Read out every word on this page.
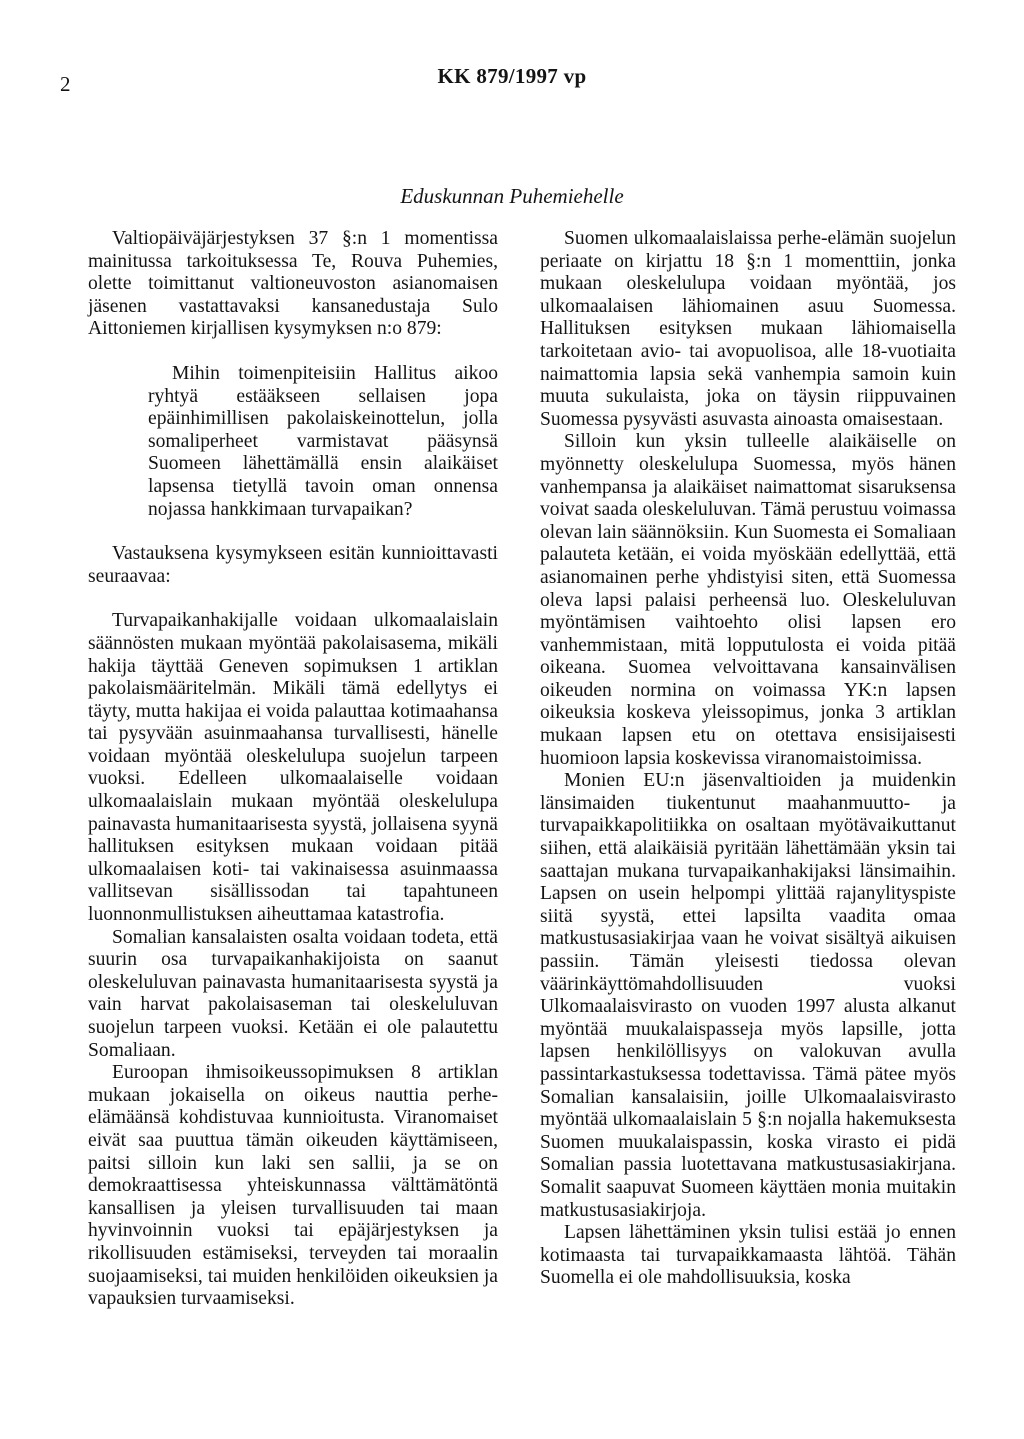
2	KK 879/1997 vp
Eduskunnan Puhemiehelle

Valtiopäiväjärjestyksen 37 §:n 1 momentissa mainitussa tarkoituksessa Te, Rouva Puhemies, olette toimittanut valtioneuvoston asianomaisen jäsenen vastattavaksi kansanedustaja Sulo Aittoniemen kirjallisen kysymyksen n:o 879:

Mihin toimenpiteisiin Hallitus aikoo ryhtyä estääkseen sellaisen jopa epäinhimillisen pakolaiskeinottelun, jolla somaliperheet varmistavat pääsynsä Suomeen lähettämällä ensin alaikäiset lapsensa tietyllä tavoin oman onnensa nojassa hankkimaan turvapaikan?

Vastauksena kysymykseen esitän kunnioittavasti seuraavaa:

Turvapaikanhakijalle voidaan ulkomaalaislain säännösten mukaan myöntää pakolaisasema, mikäli hakija täyttää Geneven sopimuksen 1 artiklan pakolaismääritelmän. Mikäli tämä edellytys ei täyty, mutta hakijaa ei voida palauttaa kotimaahansa tai pysyvään asuinmaahansa turvallisesti, hänelle voidaan myöntää oleskelulupa suojelun tarpeen vuoksi. Edelleen ulkomaalaiselle voidaan ulkomaalaislain mukaan myöntää oleskelulupa painavasta humanitaarisesta syystä, jollaisena syynä hallituksen esityksen mukaan voidaan pitää ulkomaalaisen koti- tai vakinaisessa asuinmaassa vallitsevan sisällissodan tai tapahtuneen luonnonmullistuksen aiheuttamaa katastrofia.

Somalian kansalaisten osalta voidaan todeta, että suurin osa turvapaikanhakijoista on saanut oleskeluluvan painavasta humanitaarisesta syystä ja vain harvat pakolaisaseman tai oleskeluluvan suojelun tarpeen vuoksi. Ketään ei ole palautettu Somaliaan.

Euroopan ihmisoikeussopimuksen 8 artiklan mukaan jokaisella on oikeus nauttia perhe-elämäänsä kohdistuvaa kunnioitusta. Viranomaiset eivät saa puuttua tämän oikeuden käyttämiseen, paitsi silloin kun laki sen sallii, ja se on demokraattisessa yhteiskunnassa välttämätöntä kansallisen ja yleisen turvallisuuden tai maan hyvinvoinnin vuoksi tai epäjärjestyksen ja rikollisuuden estämiseksi, terveyden tai moraalin suojaamiseksi, tai muiden henkilöiden oikeuksien ja vapauksien turvaamiseksi.

Suomen ulkomaalaislaissa perhe-elämän suojelun periaate on kirjattu 18 §:n 1 momenttiin, jonka mukaan oleskelulupa voidaan myöntää, jos ulkomaalaisen lähiomainen asuu Suomessa. Hallituksen esityksen mukaan lähiomaisella tarkoitetaan avio- tai avopuolisoa, alle 18-vuotiaita naimattomia lapsia sekä vanhempia samoin kuin muuta sukulaista, joka on täysin riippuvainen Suomessa pysyvästi asuvasta ainoasta omaisestaan.

Silloin kun yksin tulleelle alaikäiselle on myönnetty oleskelulupa Suomessa, myös hänen vanhempansa ja alaikäiset naimattomat sisaruksensa voivat saada oleskeluluvan. Tämä perustuu voimassa olevan lain säännöksiin. Kun Suomesta ei Somaliaan palauteta ketään, ei voida myöskään edellyttää, että asianomainen perhe yhdistyisi siten, että Suomessa oleva lapsi palaisi perheensä luo. Oleskeluluvan myöntämisen vaihtoehto olisi lapsen ero vanhemmistaan, mitä lopputulosta ei voida pitää oikeana. Suomea velvoittavana kansainvälisen oikeuden normina on voimassa YK:n lapsen oikeuksia koskeva yleissopimus, jonka 3 artiklan mukaan lapsen etu on otettava ensisijaisesti huomioon lapsia koskevissa viranomaistoimissa.

Monien EU:n jäsenvaltioiden ja muidenkin länsimaiden tiukentunut maahanmuutto- ja turvapaikkapolitiikka on osaltaan myötävaikuttanut siihen, että alaikäisiä pyritään lähettämään yksin tai saattajan mukana turvapaikanhakijaksi länsimaihin. Lapsen on usein helpompi ylittää rajanylityspiste siitä syystä, ettei lapsilta vaadita omaa matkustusasiakirjaa vaan he voivat sisältyä aikuisen passiin. Tämän yleisesti tiedossa olevan väärinkäyttömahdollisuuden vuoksi Ulkomaalaisvirasto on vuoden 1997 alusta alkanut myöntää muukalaispasseja myös lapsille, jotta lapsen henkilöllisyys on valokuvan avulla passintarkastuksessa todettavissa. Tämä pätee myös Somalian kansalaisiin, joille Ulkomaalaisvirasto myöntää ulkomaalaislain 5 §:n nojalla hakemuksesta Suomen muukalaispassin, koska virasto ei pidä Somalian passia luotettavana matkustusasiakirjana. Somalit saapuvat Suomeen käyttäen monia muitakin matkustusasiakirjoja.

Lapsen lähettäminen yksin tulisi estää jo ennen kotimaasta tai turvapaikkamaasta lähtöä. Tähän Suomella ei ole mahdollisuuksia, koska
